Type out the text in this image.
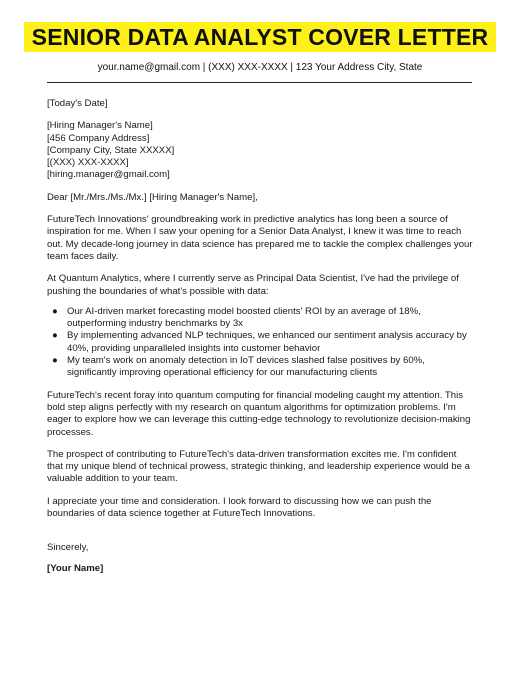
SENIOR DATA ANALYST COVER LETTER
your.name@gmail.com | (XXX) XXX-XXXX | 123 Your Address City, State

[Today's Date]

[Hiring Manager's Name]
[456 Company Address]
[Company City, State XXXXX]
[(XXX) XXX-XXXX]
[hiring.manager@gmail.com]

Dear [Mr./Mrs./Ms./Mx.] [Hiring Manager's Name],

FutureTech Innovations' groundbreaking work in predictive analytics has long been a source of inspiration for me. When I saw your opening for a Senior Data Analyst, I knew it was time to reach out. My decade-long journey in data science has prepared me to tackle the complex challenges your team faces daily.

At Quantum Analytics, where I currently serve as Principal Data Scientist, I've had the privilege of pushing the boundaries of what's possible with data:

● Our AI-driven market forecasting model boosted clients' ROI by an average of 18%, outperforming industry benchmarks by 3x
● By implementing advanced NLP techniques, we enhanced our sentiment analysis accuracy by 40%, providing unparalleled insights into customer behavior
● My team's work on anomaly detection in IoT devices slashed false positives by 60%, significantly improving operational efficiency for our manufacturing clients

FutureTech's recent foray into quantum computing for financial modeling caught my attention. This bold step aligns perfectly with my research on quantum algorithms for optimization problems. I'm eager to explore how we can leverage this cutting-edge technology to revolutionize decision-making processes.

The prospect of contributing to FutureTech's data-driven transformation excites me. I'm confident that my unique blend of technical prowess, strategic thinking, and leadership experience would be a valuable addition to your team.

I appreciate your time and consideration. I look forward to discussing how we can push the boundaries of data science together at FutureTech Innovations.

Sincerely,

[Your Name]
